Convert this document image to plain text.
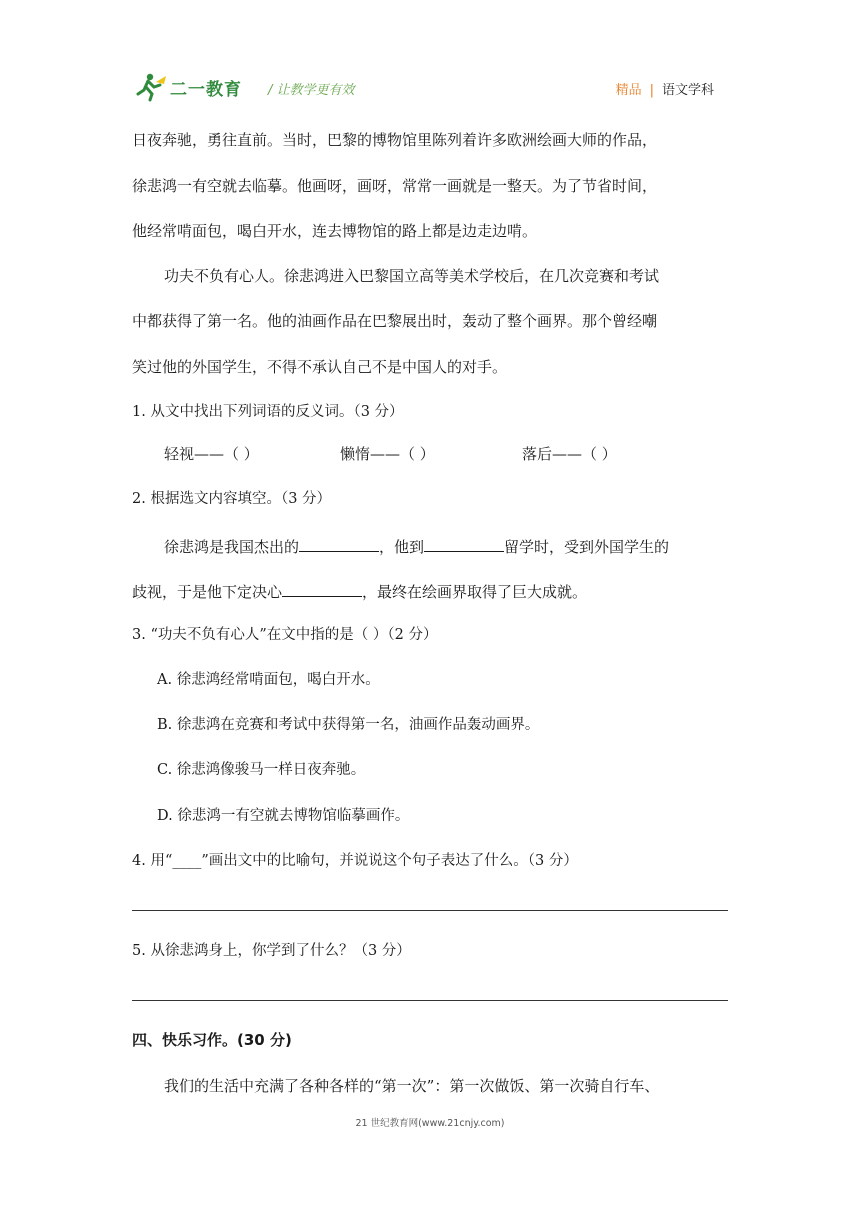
二一教育 / 让教学更有效	精品 | 语文学科
日夜奔驰，勇往直前。当时，巴黎的博物馆里陈列着许多欧洲绘画大师的作品，
徐悲鸿一有空就去临摹。他画呀，画呀，常常一画就是一整天。为了节省时间，
他经常啃面包，喝白开水，连去博物馆的路上都是边走边啃。
功夫不负有心人。徐悲鸿进入巴黎国立高等美术学校后，在几次竞赛和考试
中都获得了第一名。他的油画作品在巴黎展出时，轰动了整个画界。那个曾经嘲
笑过他的外国学生，不得不承认自己不是中国人的对手。
1. 从文中找出下列词语的反义词。（3 分）
轻视——（ ）	懒惰——（ ）	落后——（ ）
2. 根据选文内容填空。（3 分）
徐悲鸿是我国杰出的	，他到	留学时，受到外国学生的
歧视，于是他下定决心	，最终在绘画界取得了巨大成就。
3. “功夫不负有心人”在文中指的是（ ）（2 分）
A. 徐悲鸿经常啃面包，喝白开水。
B. 徐悲鸿在竞赛和考试中获得第一名，油画作品轰动画界。
C. 徐悲鸿像骏马一样日夜奔驰。
D. 徐悲鸿一有空就去博物馆临摹画作。
4. 用“____”画出文中的比喻句，并说说这个句子表达了什么。（3 分）
5. 从徐悲鸿身上，你学到了什么？（3 分）
四、快乐习作。(30 分)
我们的生活中充满了各种各样的“第一次”：第一次做饭、第一次骑自行车、
21 世纪教育网(www.21cnjy.com)
